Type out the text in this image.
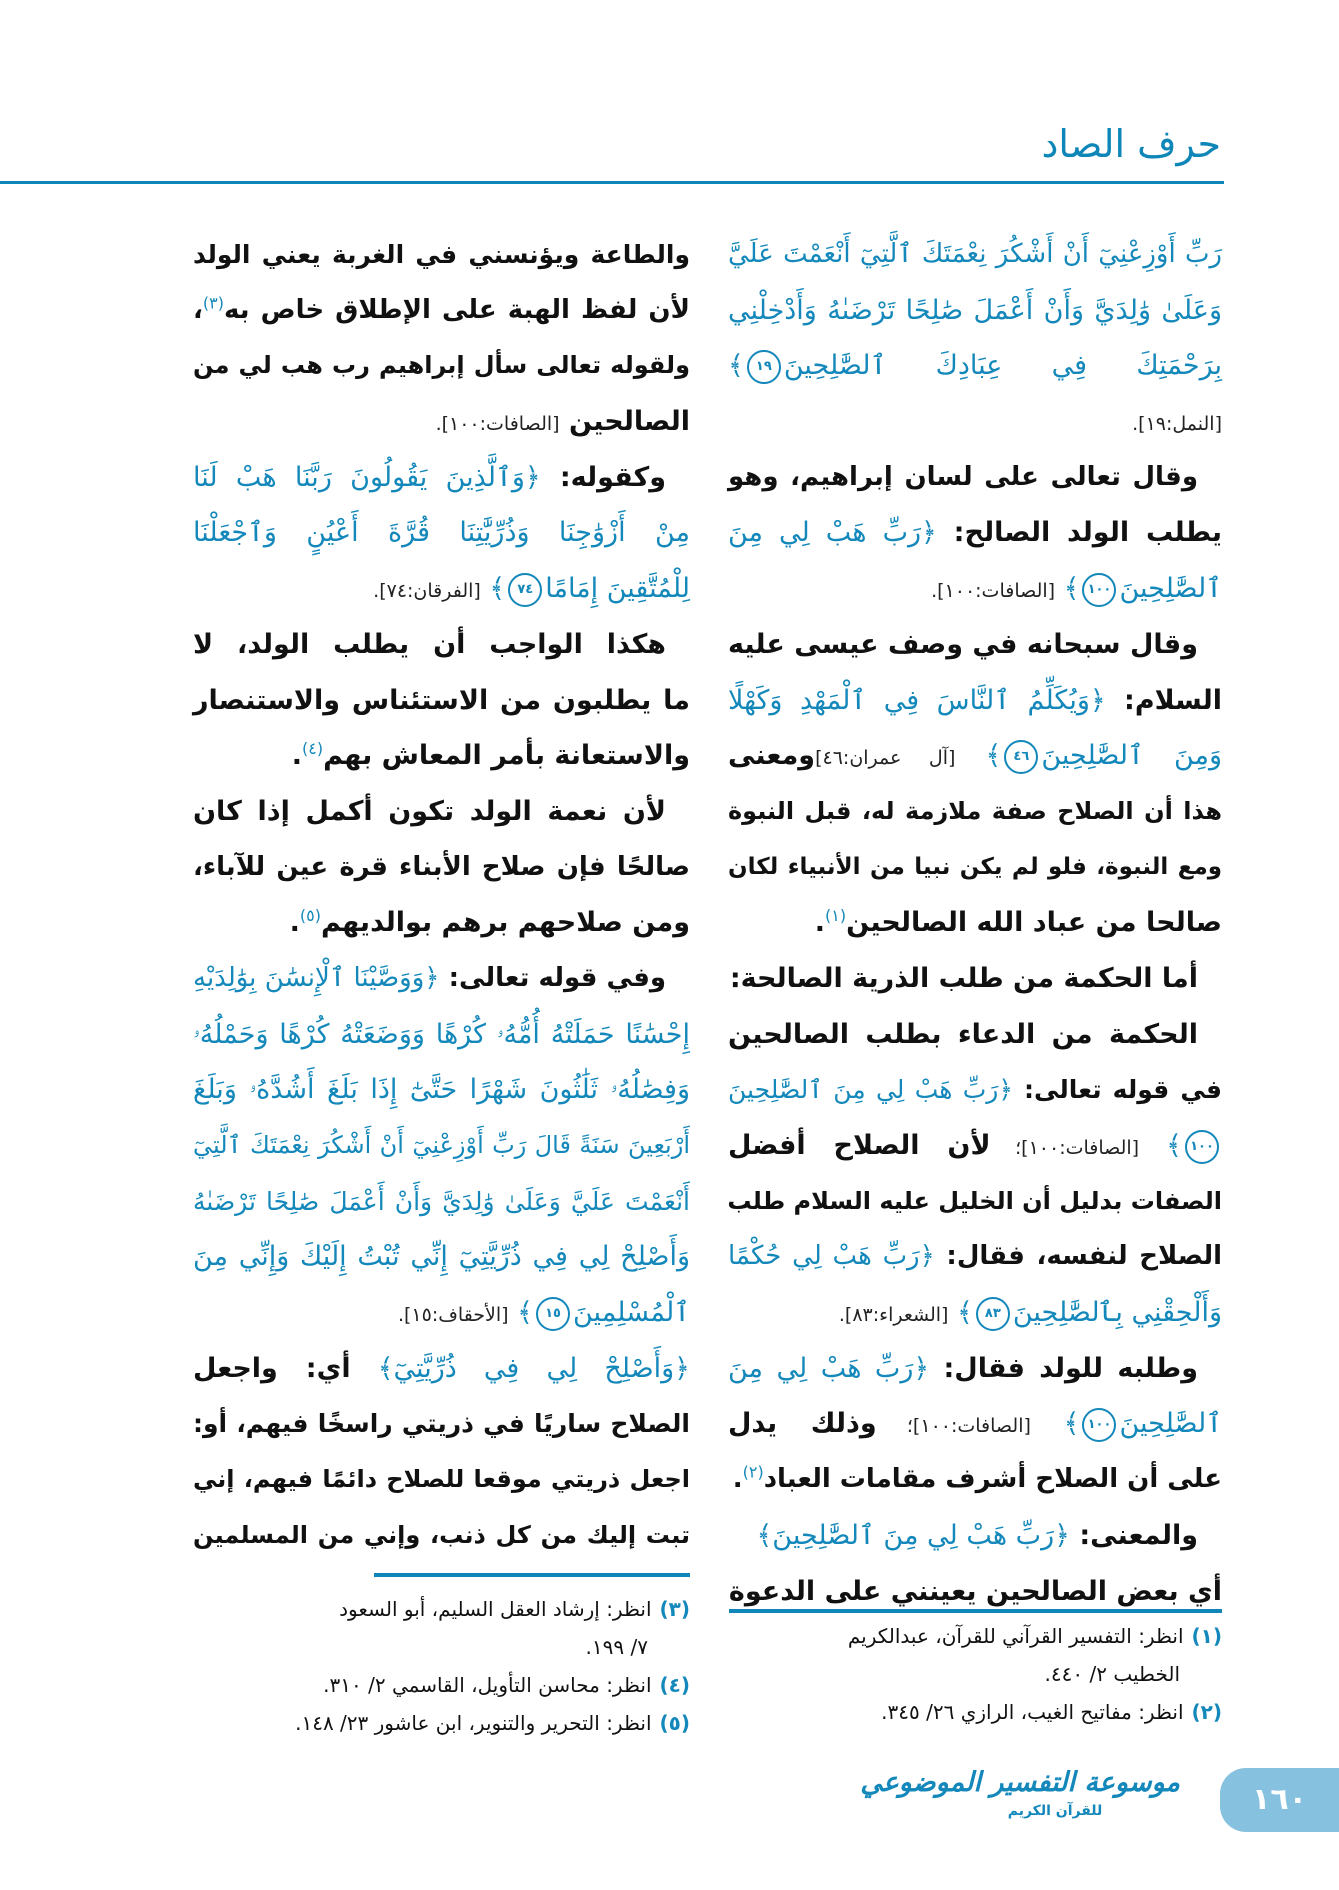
حرف الصاد
رَبِّ أَوْزِعْنِيٓ أَنْ أَشْكُرَ نِعْمَتَكَ ٱلَّتِيٓ أَنْعَمْتَ عَلَيَّ
وَعَلَىٰ وَٰلِدَيَّ وَأَنْ أَعْمَلَ صَٰلِحًا تَرْضَىٰهُ وَأَدْخِلْنِي
بِرَحْمَتِكَ فِي عِبَادِكَ ٱلصَّٰلِحِينَ١٩﴾
[النمل:١٩].
وقال تعالى على لسان إبراهيم، وهو
يطلب الولد الصالح: ﴿رَبِّ هَبْ لِي مِنَ
ٱلصَّٰلِحِينَ١٠٠﴾ [الصافات:١٠٠].
وقال سبحانه في وصف عيسى عليه
السلام: ﴿وَيُكَلِّمُ ٱلنَّاسَ فِي ٱلْمَهْدِ وَكَهْلًا
وَمِنَ ٱلصَّٰلِحِينَ٤٦﴾ [آل عمران:٤٦]ومعنى
هذا أن الصلاح صفة ملازمة له، قبل النبوة
ومع النبوة، فلو لم يكن نبيا من الأنبياء لكان
صالحا من عباد الله الصالحين$^{(١)}$.
أما الحكمة من طلب الذرية الصالحة:
الحكمة من الدعاء بطلب الصالحين
في قوله تعالى: ﴿رَبِّ هَبْ لِي مِنَ ٱلصَّٰلِحِينَ
١٠٠﴾ [الصافات:١٠٠]؛ لأن الصلاح أفضل
الصفات بدليل أن الخليل عليه السلام طلب
الصلاح لنفسه، فقال: ﴿رَبِّ هَبْ لِي حُكْمًا
وَأَلْحِقْنِي بِٱلصَّٰلِحِينَ٨٣﴾ [الشعراء:٨٣].
وطلبه للولد فقال: ﴿رَبِّ هَبْ لِي مِنَ
ٱلصَّٰلِحِينَ١٠٠﴾ [الصافات:١٠٠]؛ وذلك يدل
على أن الصلاح أشرف مقامات العباد$^{(٢)}$.
والمعنى: ﴿رَبِّ هَبْ لِي مِنَ ٱلصَّٰلِحِينَ﴾
أي بعض الصالحين يعينني على الدعوة
والطاعة ويؤنسني في الغربة يعني الولد
لأن لفظ الهبة على الإطلاق خاص به$^{(٣)}$،
ولقوله تعالى سأل إبراهيم رب هب لي من
الصالحين [الصافات:١٠٠].
وكقوله: ﴿وَٱلَّذِينَ يَقُولُونَ رَبَّنَا هَبْ لَنَا
مِنْ أَزْوَٰجِنَا وَذُرِّيَّٰتِنَا قُرَّةَ أَعْيُنٍ وَٱجْعَلْنَا
لِلْمُتَّقِينَ إِمَامًا٧٤﴾ [الفرقان:٧٤].
هكذا الواجب أن يطلب الولد، لا
ما يطلبون من الاستئناس والاستنصار
والاستعانة بأمر المعاش بهم$^{(٤)}$.
لأن نعمة الولد تكون أكمل إذا كان
صالحًا فإن صلاح الأبناء قرة عين للآباء،
ومن صلاحهم برهم بوالديهم$^{(٥)}$.
وفي قوله تعالى: ﴿وَوَصَّيْنَا ٱلْإِنسَٰنَ بِوَٰلِدَيْهِ
إِحْسَٰنًا حَمَلَتْهُ أُمُّهُۥ كُرْهًا وَوَضَعَتْهُ كُرْهًا وَحَمْلُهُۥ
وَفِصَٰلُهُۥ ثَلَٰثُونَ شَهْرًا حَتَّىٰٓ إِذَا بَلَغَ أَشُدَّهُۥ وَبَلَغَ
أَرْبَعِينَ سَنَةً قَالَ رَبِّ أَوْزِعْنِيٓ أَنْ أَشْكُرَ نِعْمَتَكَ ٱلَّتِيٓ
أَنْعَمْتَ عَلَيَّ وَعَلَىٰ وَٰلِدَيَّ وَأَنْ أَعْمَلَ صَٰلِحًا تَرْضَىٰهُ
وَأَصْلِحْ لِي فِي ذُرِّيَّتِيٓ إِنِّي تُبْتُ إِلَيْكَ وَإِنِّي مِنَ
ٱلْمُسْلِمِينَ١٥﴾ [الأحقاف:١٥].
﴿وَأَصْلِحْ لِي فِي ذُرِّيَّتِيٓ﴾ أي: واجعل
الصلاح ساريًا في ذريتي راسخًا فيهم، أو:
اجعل ذريتي موقعا للصلاح دائمًا فيهم، إني
تبت إليك من كل ذنب، وإني من المسلمين
(١)انظر: التفسير القرآني للقرآن، عبدالكريم
الخطيب ٢/ ٤٤٠.
(٢)انظر: مفاتيح الغيب، الرازي ٢٦/ ٣٤٥.
(٣)انظر: إرشاد العقل السليم، أبو السعود
٧/ ١٩٩.
(٤)انظر: محاسن التأويل، القاسمي ٢/ ٣١٠.
(٥)انظر: التحرير والتنوير، ابن عاشور ٢٣/ ١٤٨.
موسوعة التفسير الموضوعي
للقرآن الكريم	١٦٠
